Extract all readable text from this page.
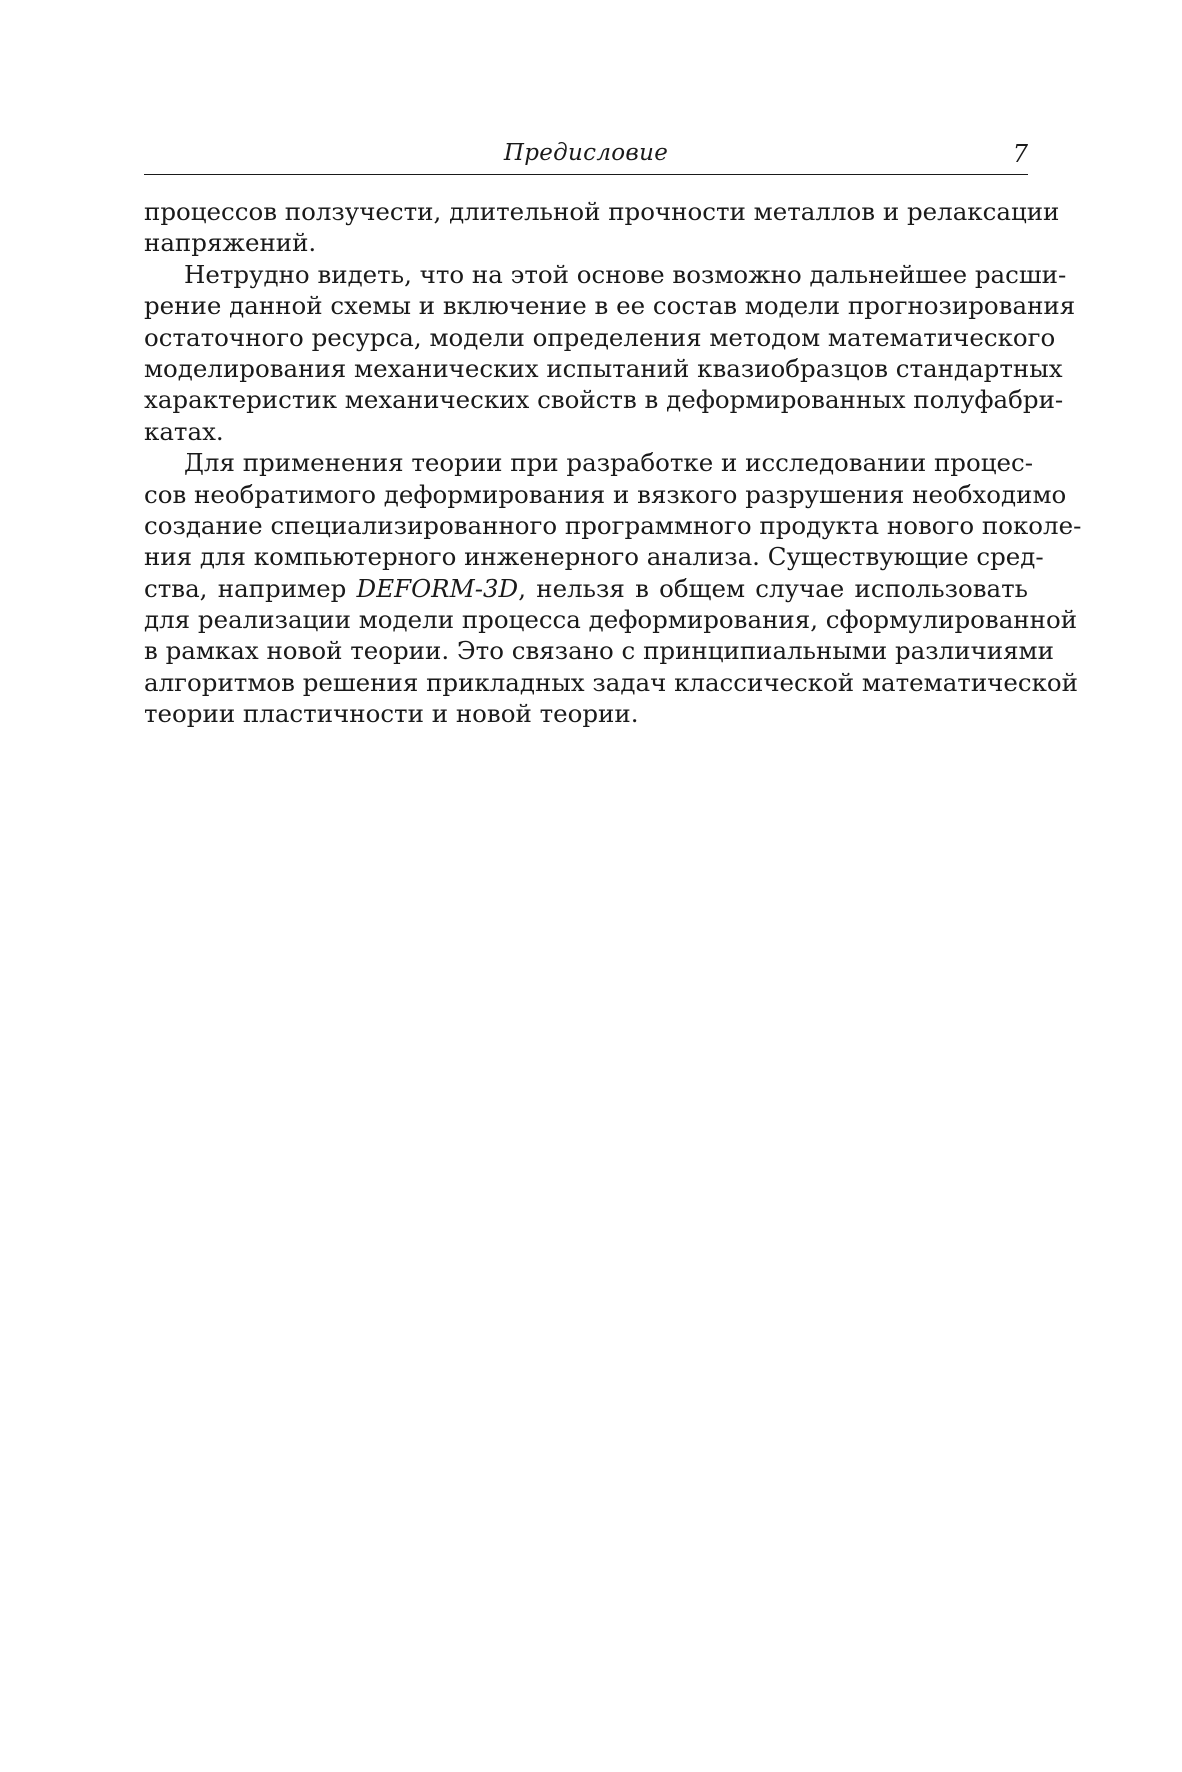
Предисловие	7
процессов ползучести, длительной прочности металлов и релаксации
напряжений.
Нетрудно видеть, что на этой основе возможно дальнейшее расши-
рение данной схемы и включение в ее состав модели прогнозирования
остаточного ресурса, модели определения методом математического
моделирования механических испытаний квазиобразцов стандартных
характеристик механических свойств в деформированных полуфабри-
катах.
Для применения теории при разработке и исследовании процес-
сов необратимого деформирования и вязкого разрушения необходимо
создание специализированного программного продукта нового поколе-
ния для компьютерного инженерного анализа. Существующие сред-
ства, например DEFORM-3D, нельзя в общем случае использовать
для реализации модели процесса деформирования, сформулированной
в рамках новой теории. Это связано с принципиальными различиями
алгоритмов решения прикладных задач классической математической
теории пластичности и новой теории.
